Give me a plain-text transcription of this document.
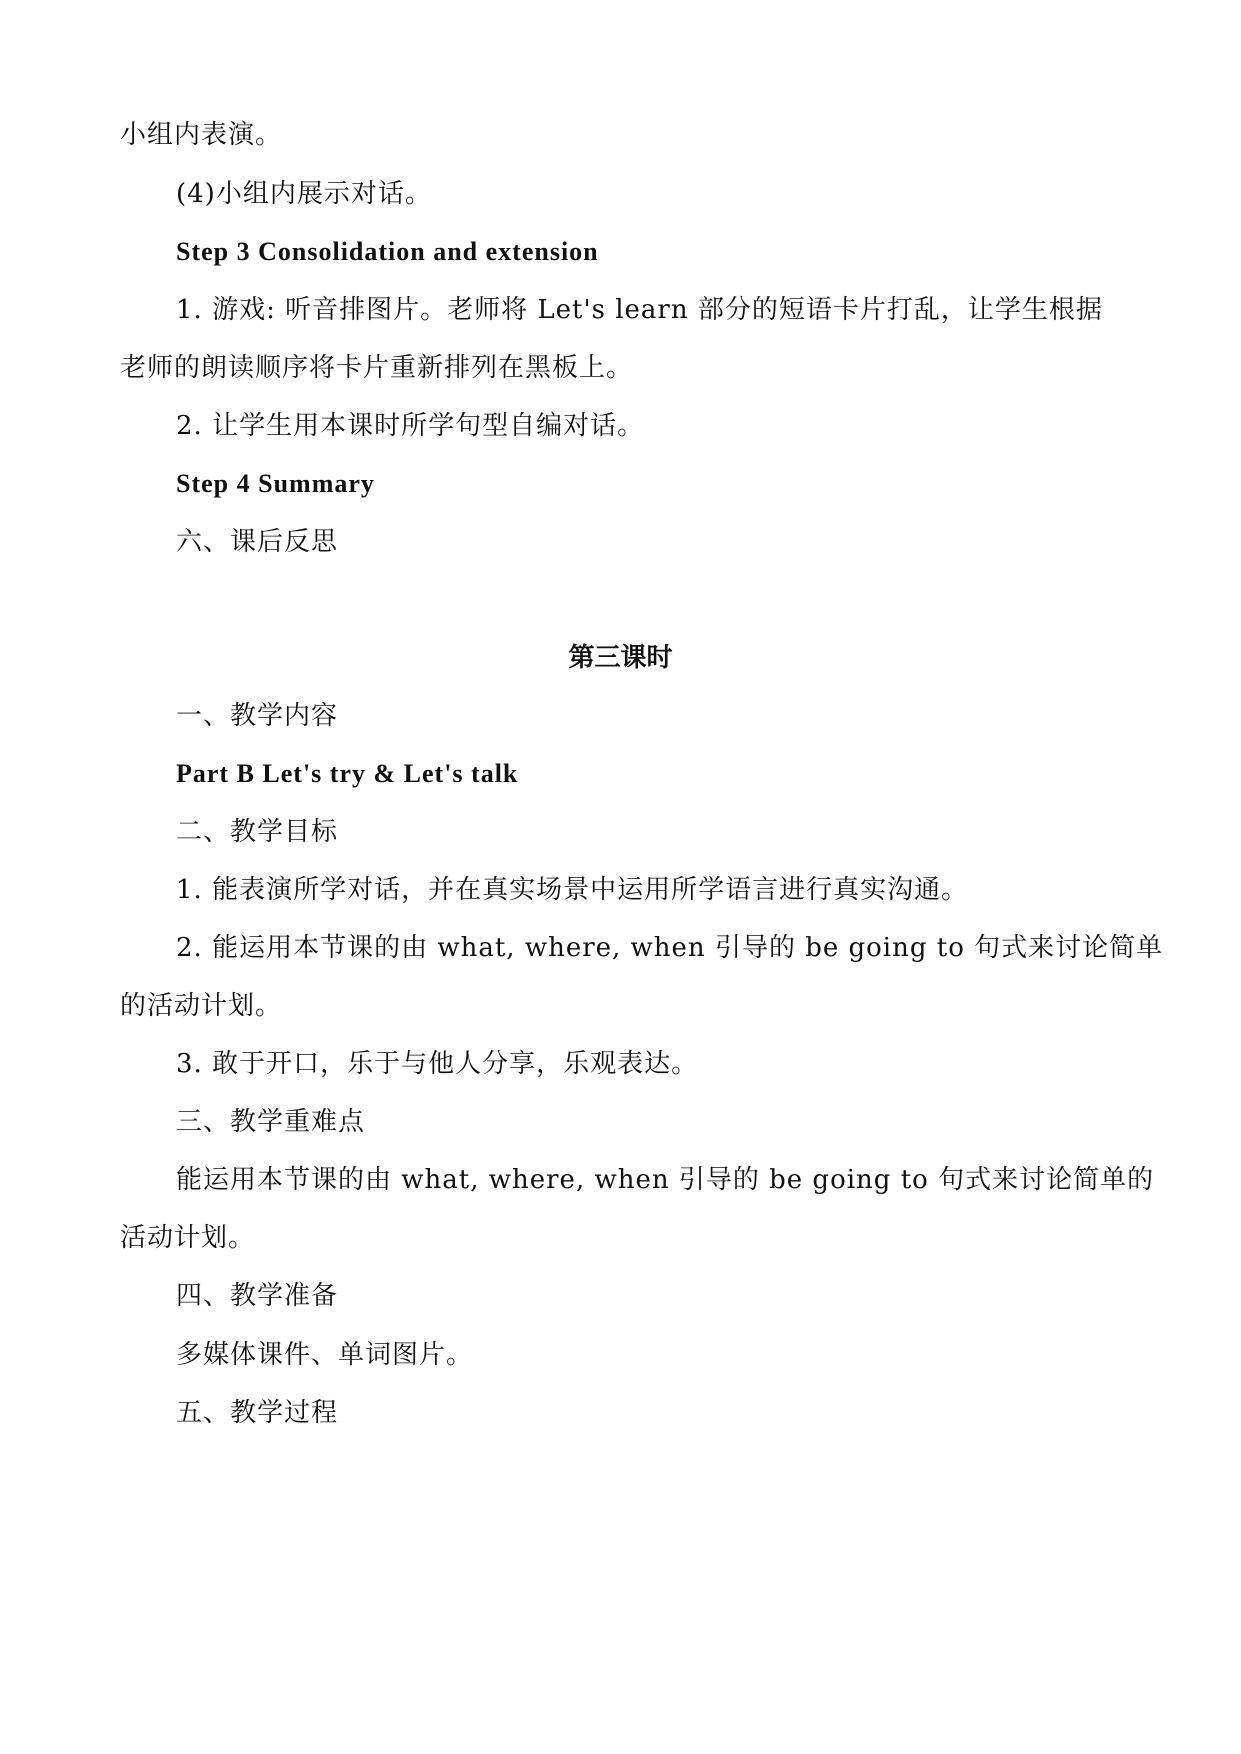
小组内表演。

(4)小组内展示对话。

Step 3 Consolidation and extension

1. 游戏: 听音排图片。老师将 Let's learn 部分的短语卡片打乱，让学生根据

老师的朗读顺序将卡片重新排列在黑板上。

2. 让学生用本课时所学句型自编对话。

Step 4 Summary

六、课后反思

第三课时

一、教学内容

Part B Let's try & Let's talk

二、教学目标

1. 能表演所学对话，并在真实场景中运用所学语言进行真实沟通。

2. 能运用本节课的由 what, where, when 引导的 be going to 句式来讨论简单

的活动计划。

3. 敢于开口，乐于与他人分享，乐观表达。

三、教学重难点

能运用本节课的由 what, where, when 引导的 be going to 句式来讨论简单的

活动计划。

四、教学准备

多媒体课件、单词图片。

五、教学过程
